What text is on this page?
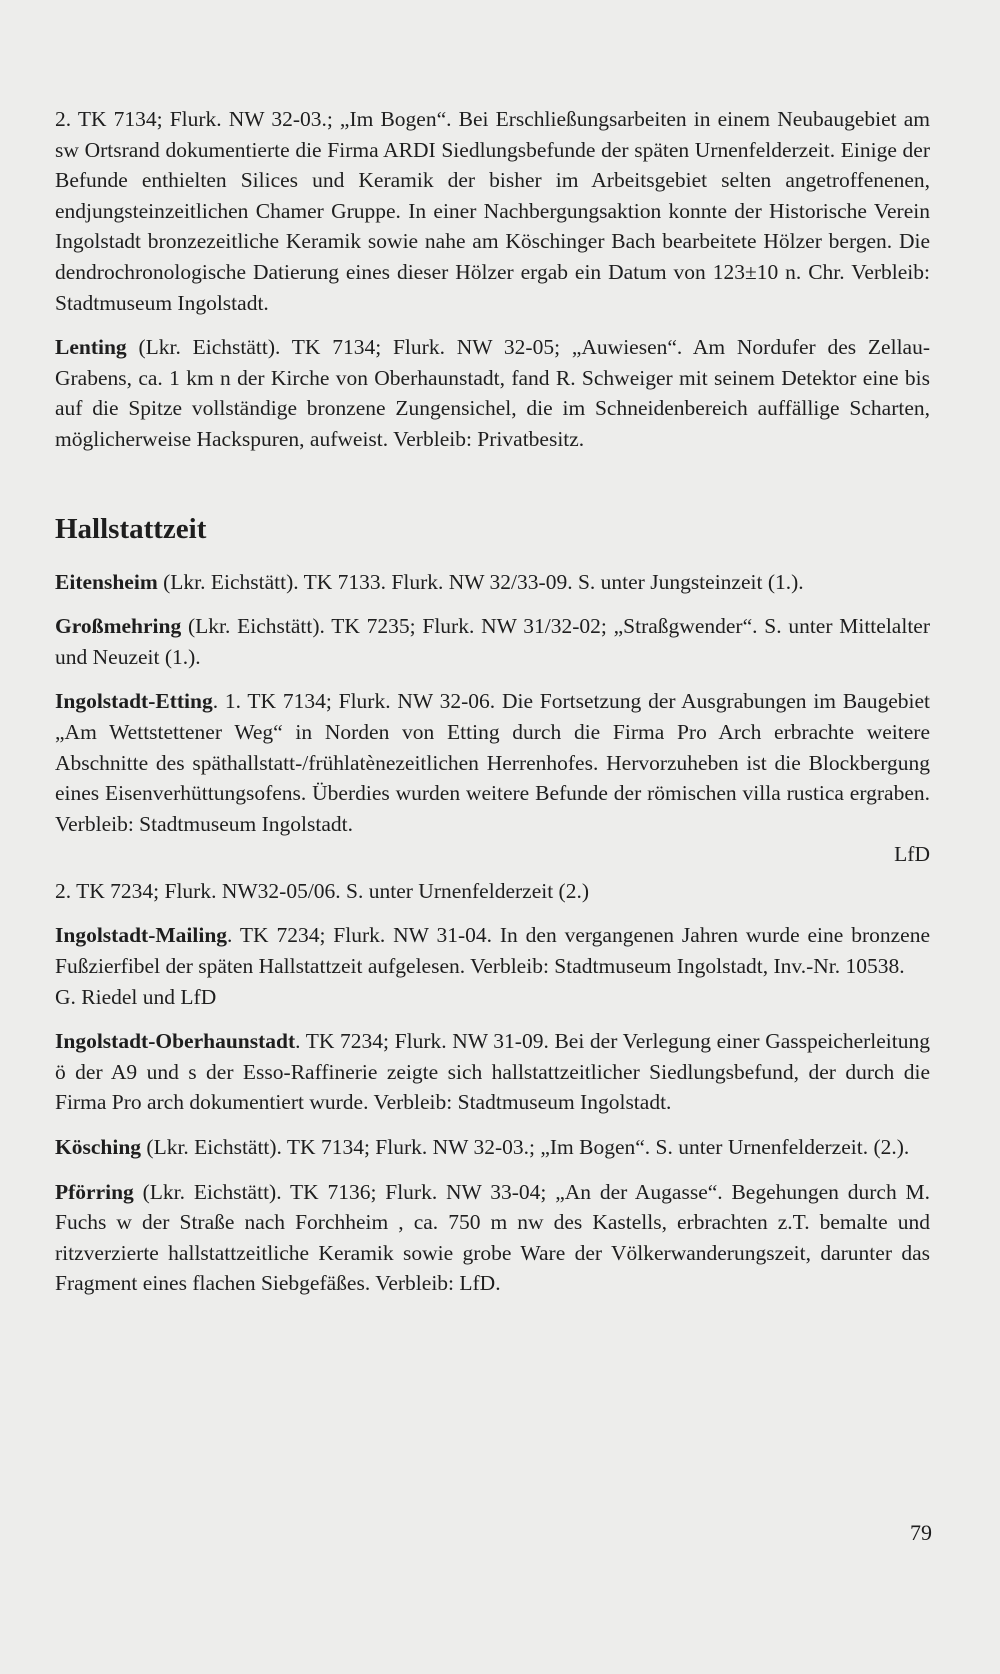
2. TK 7134; Flurk. NW 32-03.; „Im Bogen“. Bei Erschließungsarbeiten in einem Neubaugebiet am sw Ortsrand dokumentierte die Firma ARDI Siedlungsbefunde der späten Urnenfelderzeit. Einige der Befunde enthielten Silices und Keramik der bisher im Arbeitsgebiet selten angetroffenenen, endjungsteinzeitlichen Chamer Gruppe. In einer Nachbergungsaktion konnte der Historische Verein Ingolstadt bronzezeitliche Keramik sowie nahe am Köschinger Bach bearbeitete Hölzer bergen. Die dendrochronologische Datierung eines dieser Hölzer ergab ein Datum von 123±10 n. Chr. Verbleib: Stadtmuseum Ingolstadt.

Lenting (Lkr. Eichstätt). TK 7134; Flurk. NW 32-05; „Auwiesen“. Am Nordufer des Zellau-Grabens, ca. 1 km n der Kirche von Oberhaunstadt, fand R. Schweiger mit seinem Detektor eine bis auf die Spitze vollständige bronzene Zungensichel, die im Schneidenbereich auffällige Scharten, möglicherweise Hackspuren, aufweist. Verbleib: Privatbesitz.

Hallstattzeit

Eitensheim (Lkr. Eichstätt). TK 7133. Flurk. NW 32/33-09. S. unter Jungsteinzeit (1.).

Großmehring (Lkr. Eichstätt). TK 7235; Flurk. NW 31/32-02; „Straßgwender“. S. unter Mittelalter und Neuzeit (1.).

Ingolstadt-Etting. 1. TK 7134; Flurk. NW 32-06. Die Fortsetzung der Ausgrabungen im Baugebiet „Am Wettstettener Weg“ in Norden von Etting durch die Firma Pro Arch erbrachte weitere Abschnitte des späthallstatt-/frühlatènezeitlichen Herrenhofes. Hervorzuheben ist die Blockbergung eines Eisenverhüttungsofens. Überdies wurden weitere Befunde der römischen villa rustica ergraben. Verbleib: Stadtmuseum Ingolstadt.

LfD

2. TK 7234; Flurk. NW32-05/06. S. unter Urnenfelderzeit (2.)

Ingolstadt-Mailing. TK 7234; Flurk. NW 31-04. In den vergangenen Jahren wurde eine bronzene Fußzierfibel der späten Hallstattzeit aufgelesen. Verbleib: Stadtmuseum Ingolstadt, Inv.-Nr. 10538.

G. Riedel und LfD

Ingolstadt-Oberhaunstadt. TK 7234; Flurk. NW 31-09. Bei der Verlegung einer Gasspeicherleitung ö der A9 und s der Esso-Raffinerie zeigte sich hallstattzeitlicher Siedlungsbefund, der durch die Firma Pro arch dokumentiert wurde. Verbleib: Stadtmuseum Ingolstadt.

Kösching (Lkr. Eichstätt). TK 7134; Flurk. NW 32-03.; „Im Bogen“. S. unter Urnenfelderzeit. (2.).

Pförring (Lkr. Eichstätt). TK 7136; Flurk. NW 33-04; „An der Augasse“. Begehungen durch M. Fuchs w der Straße nach Forchheim , ca. 750 m nw des Kastells, erbrachten z.T. bemalte und ritzverzierte hallstattzeitliche Keramik sowie grobe Ware der Völkerwanderungszeit, darunter das Fragment eines flachen Siebgefäßes. Verbleib: LfD.

79
